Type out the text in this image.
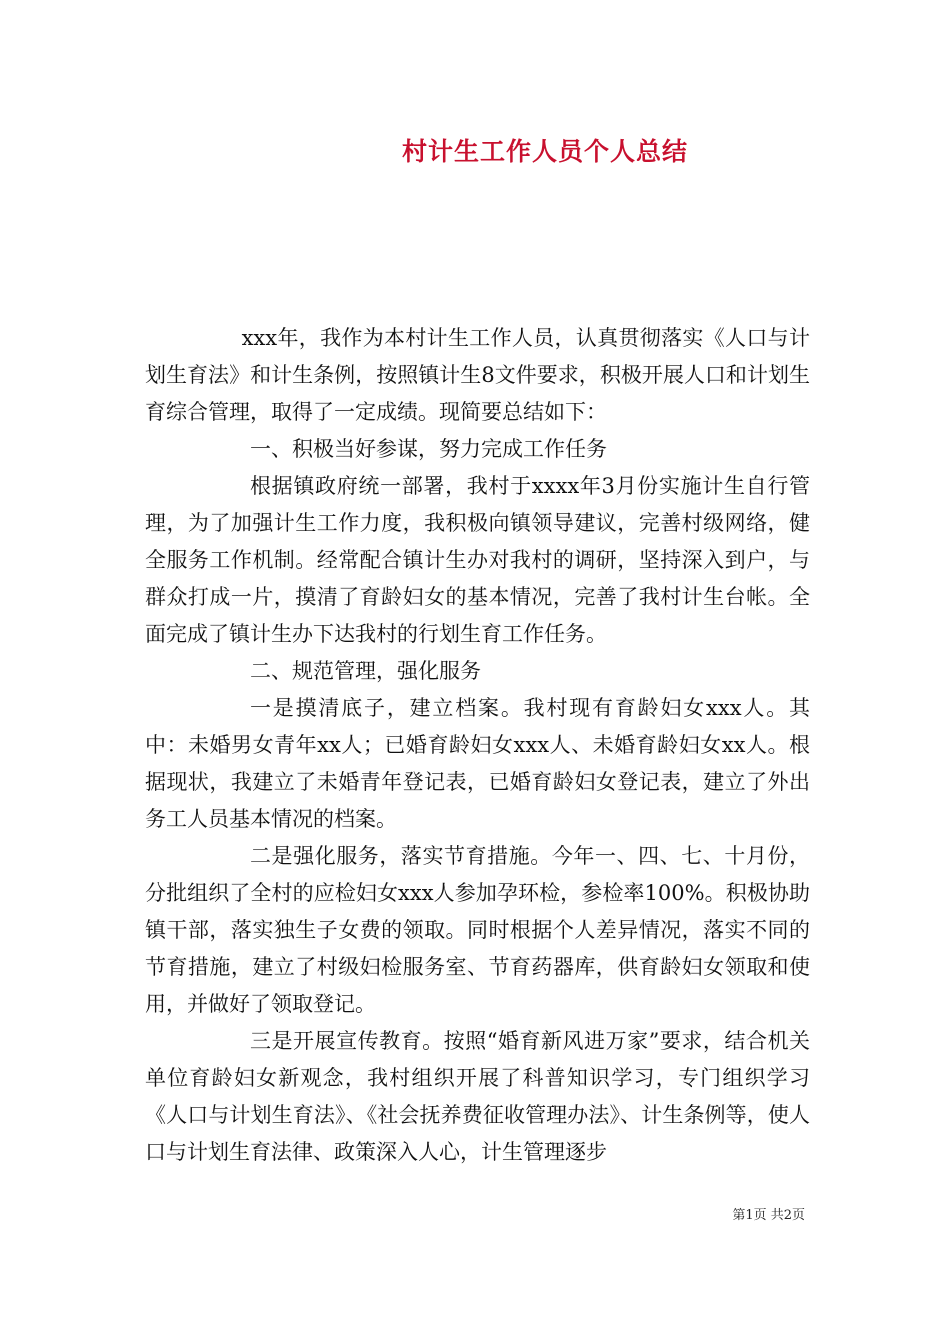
村计生工作人员个人总结

xxx年，我作为本村计生工作人员，认真贯彻落实《人口与计划生育法》和计生条例，按照镇计生8文件要求，积极开展人口和计划生育综合管理，取得了一定成绩。现简要总结如下：

一、积极当好参谋，努力完成工作任务

根据镇政府统一部署，我村于xxxx年3月份实施计生自行管理，为了加强计生工作力度，我积极向镇领导建议，完善村级网络，健全服务工作机制。经常配合镇计生办对我村的调研，坚持深入到户，与群众打成一片，摸清了育龄妇女的基本情况，完善了我村计生台帐。全面完成了镇计生办下达我村的行划生育工作任务。

二、规范管理，强化服务

一是摸清底子，建立档案。我村现有育龄妇女xxx人。其中：未婚男女青年xx人；已婚育龄妇女xxx人、未婚育龄妇女xx人。根据现状，我建立了未婚青年登记表，已婚育龄妇女登记表，建立了外出务工人员基本情况的档案。

二是强化服务，落实节育措施。今年一、四、七、十月份，分批组织了全村的应检妇女xxx人参加孕环检，参检率100%。积极协助镇干部，落实独生子女费的领取。同时根据个人差异情况，落实不同的节育措施，建立了村级妇检服务室、节育药器库，供育龄妇女领取和使用，并做好了领取登记。

三是开展宣传教育。按照“婚育新风进万家”要求，结合机关单位育龄妇女新观念，我村组织开展了科普知识学习，专门组织学习《人口与计划生育法》、《社会抚养费征收管理办法》、计生条例等，使人口与计划生育法律、政策深入人心，计生管理逐步

第1页 共2页
